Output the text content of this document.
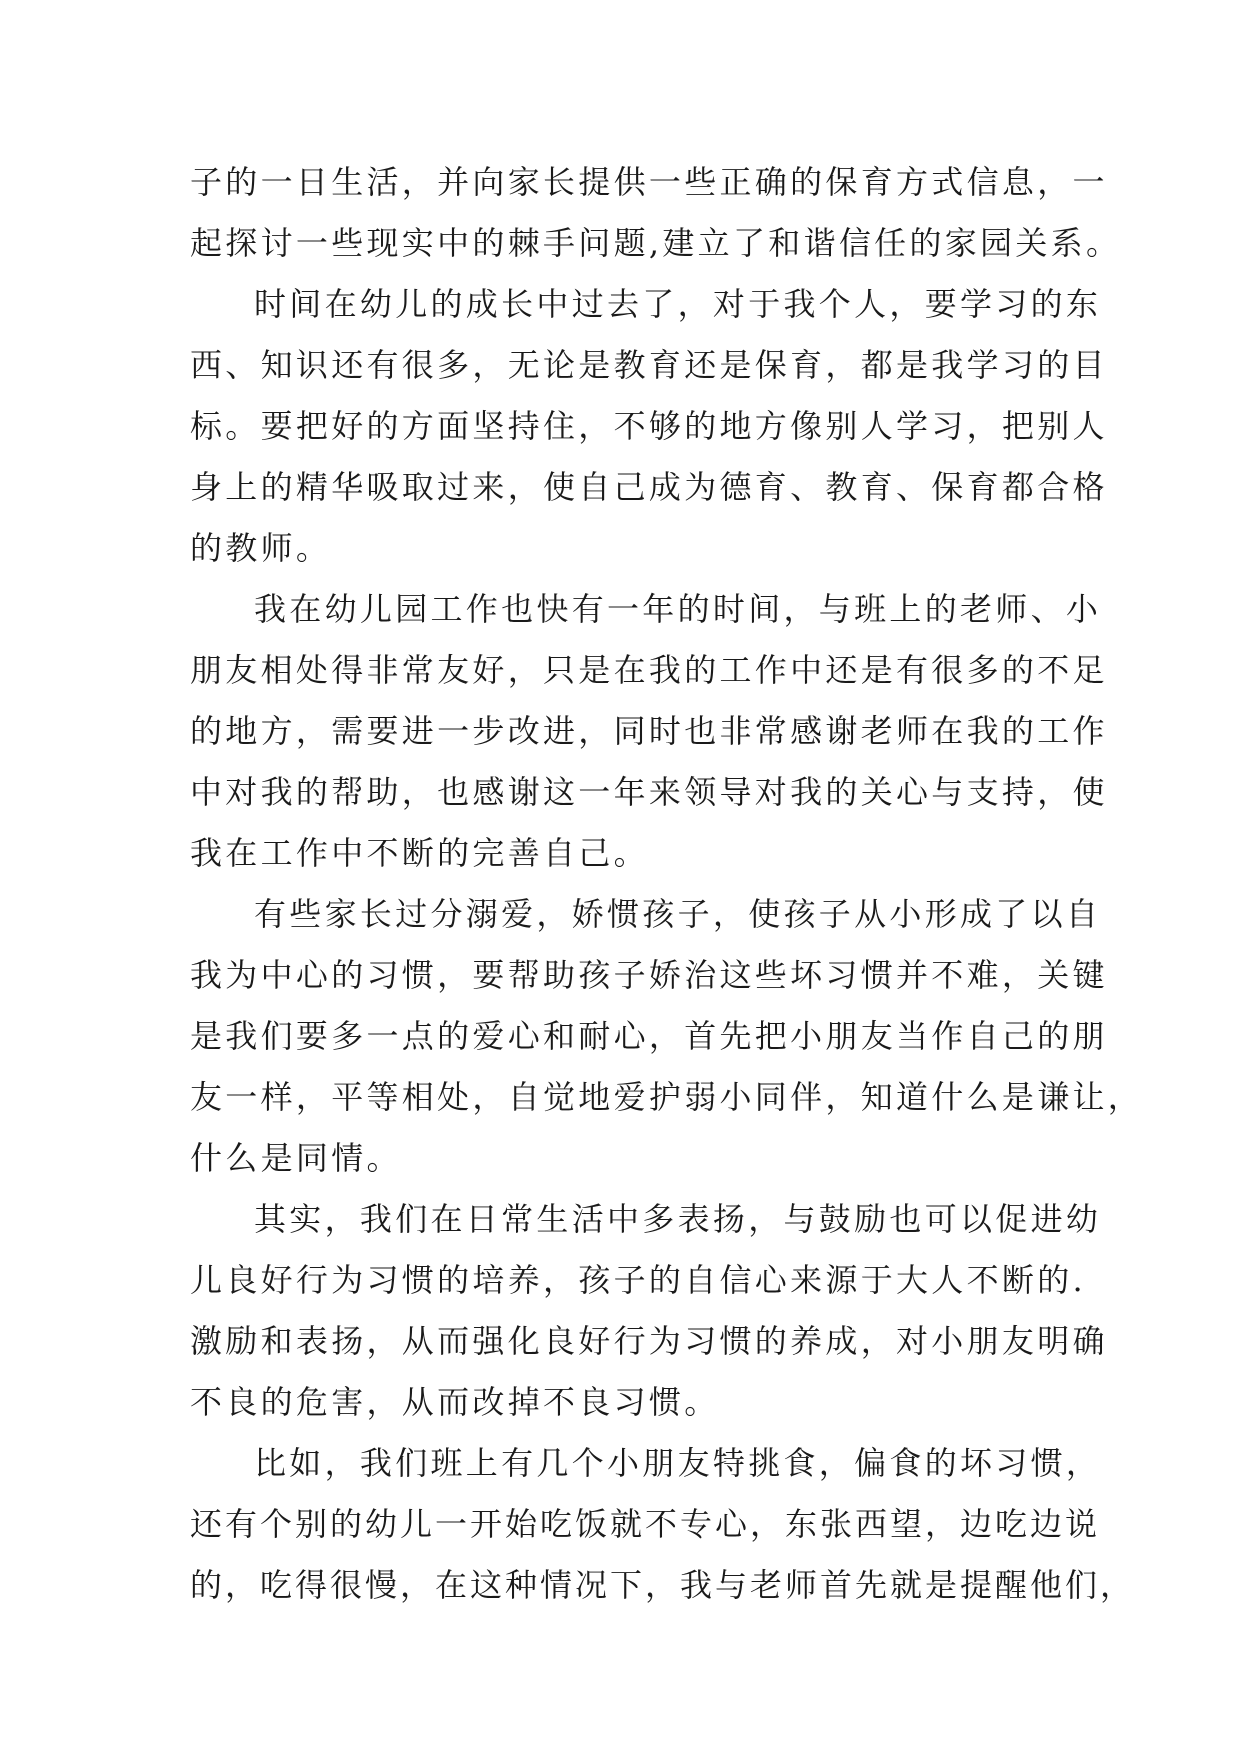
子的一日生活，并向家长提供一些正确的保育方式信息，一
起探讨一些现实中的棘手问题,建立了和谐信任的家园关系。
时间在幼儿的成长中过去了，对于我个人，要学习的东
西、知识还有很多，无论是教育还是保育，都是我学习的目
标。要把好的方面坚持住，不够的地方像别人学习，把别人
身上的精华吸取过来，使自己成为德育、教育、保育都合格
的教师。
我在幼儿园工作也快有一年的时间，与班上的老师、小
朋友相处得非常友好，只是在我的工作中还是有很多的不足
的地方，需要进一步改进，同时也非常感谢老师在我的工作
中对我的帮助，也感谢这一年来领导对我的关心与支持，使
我在工作中不断的完善自己。
有些家长过分溺爱，娇惯孩子，使孩子从小形成了以自
我为中心的习惯，要帮助孩子娇治这些坏习惯并不难，关键
是我们要多一点的爱心和耐心，首先把小朋友当作自己的朋
友一样，平等相处，自觉地爱护弱小同伴，知道什么是谦让，
什么是同情。
其实，我们在日常生活中多表扬，与鼓励也可以促进幼
儿良好行为习惯的培养，孩子的自信心来源于大人不断的.
激励和表扬，从而强化良好行为习惯的养成，对小朋友明确
不良的危害，从而改掉不良习惯。
比如，我们班上有几个小朋友特挑食，偏食的坏习惯，
还有个别的幼儿一开始吃饭就不专心，东张西望，边吃边说
的，吃得很慢，在这种情况下，我与老师首先就是提醒他们，
